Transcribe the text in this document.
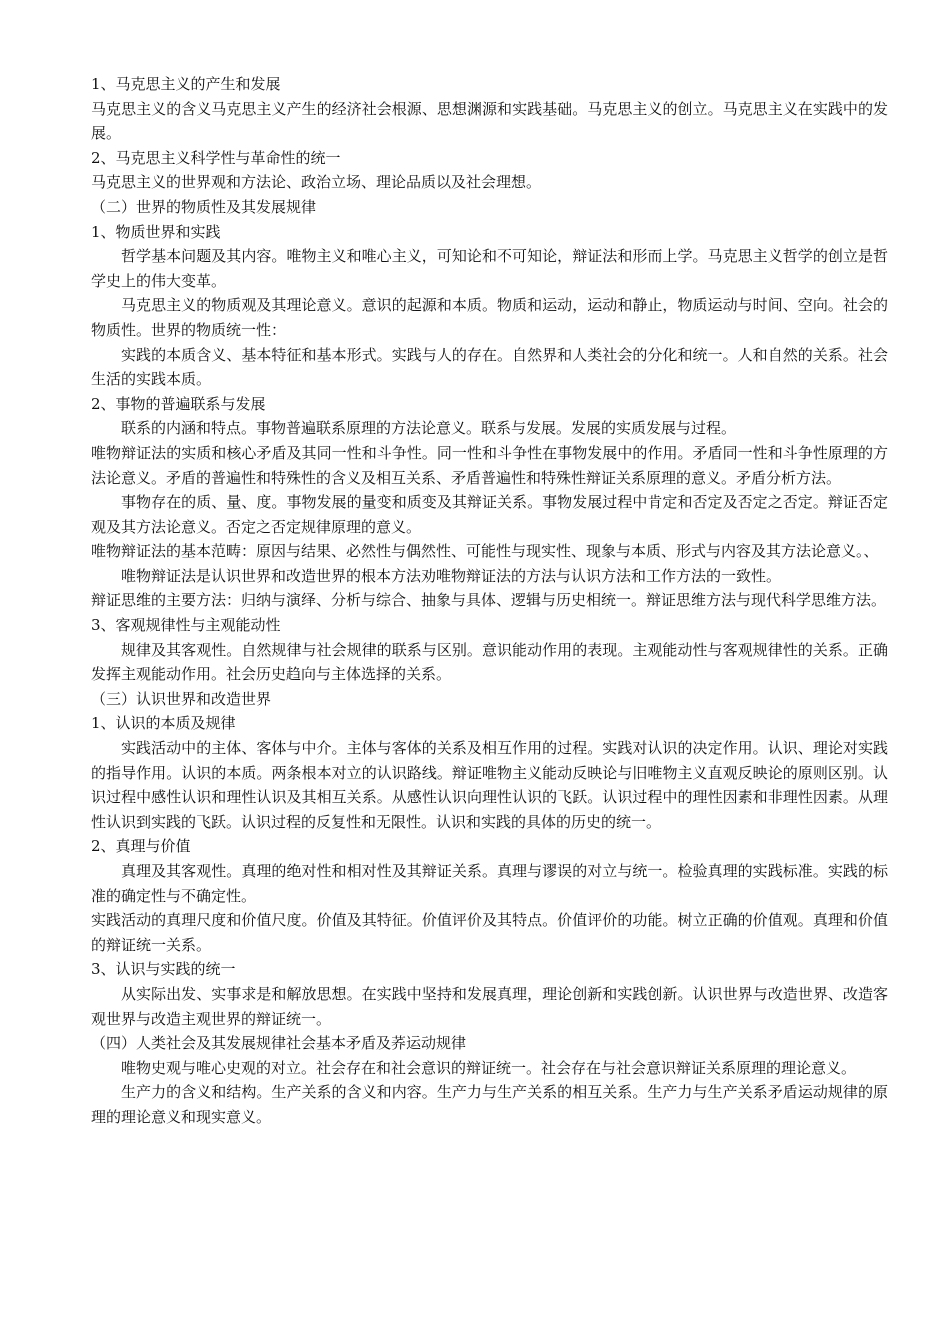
1、马克思主义的产生和发展

马克思主义的含义马克思主义产生的经济社会根源、思想渊源和实践基础。马克思主义的创立。马克思主义在实践中的发展。

2、马克思主义科学性与革命性的统一

马克思主义的世界观和方法论、政治立场、理论品质以及社会理想。

（二）世界的物质性及其发展规律

1、物质世界和实践

哲学基本问题及其内容。唯物主义和唯心主义，可知论和不可知论，辩证法和形而上学。马克思主义哲学的创立是哲学史上的伟大变革。

马克思主义的物质观及其理论意义。意识的起源和本质。物质和运动，运动和静止，物质运动与时间、空向。社会的物质性。世界的物质统一性：

实践的本质含义、基本特征和基本形式。实践与人的存在。自然界和人类社会的分化和统一。人和自然的关系。社会生活的实践本质。

2、事物的普遍联系与发展

联系的内涵和特点。事物普遍联系原理的方法论意义。联系与发展。发展的实质发展与过程。

唯物辩证法的实质和核心矛盾及其同一性和斗争性。同一性和斗争性在事物发展中的作用。矛盾同一性和斗争性原理的方法论意义。矛盾的普遍性和特殊性的含义及相互关系、矛盾普遍性和特殊性辩证关系原理的意义。矛盾分析方法。

事物存在的质、量、度。事物发展的量变和质变及其辩证关系。事物发展过程中肯定和否定及否定之否定。辩证否定观及其方法论意义。否定之否定规律原理的意义。

唯物辩证法的基本范畴：原因与结果、必然性与偶然性、可能性与现实性、现象与本质、形式与内容及其方法论意义。、

唯物辩证法是认识世界和改造世界的根本方法劝唯物辩证法的方法与认识方法和工作方法的一致性。

辩证思维的主要方法：归纳与演绎、分析与综合、抽象与具体、逻辑与历史相统一。辩证思维方法与现代科学思维方法。

3、客观规律性与主观能动性

规律及其客观性。自然规律与社会规律的联系与区别。意识能动作用的表现。主观能动性与客观规律性的关系。正确发挥主观能动作用。社会历史趋向与主体选择的关系。

（三）认识世界和改造世界

1、认识的本质及规律

实践活动中的主体、客体与中介。主体与客体的关系及相互作用的过程。实践对认识的决定作用。认识、理论对实践的指导作用。认识的本质。两条根本对立的认识路线。辩证唯物主义能动反映论与旧唯物主义直观反映论的原则区别。认识过程中感性认识和理性认识及其相互关系。从感性认识向理性认识的飞跃。认识过程中的理性因素和非理性因素。从理性认识到实践的飞跃。认识过程的反复性和无限性。认识和实践的具体的历史的统一。

2、真理与价值

真理及其客观性。真理的绝对性和相对性及其辩证关系。真理与谬误的对立与统一。检验真理的实践标准。实践的标准的确定性与不确定性。

实践活动的真理尺度和价值尺度。价值及其特征。价值评价及其特点。价值评价的功能。树立正确的价值观。真理和价值的辩证统一关系。

3、认识与实践的统一

从实际出发、实事求是和解放思想。在实践中坚持和发展真理，理论创新和实践创新。认识世界与改造世界、改造客观世界与改造主观世界的辩证统一。

（四）人类社会及其发展规律社会基本矛盾及荞运动规律

唯物史观与唯心史观的对立。社会存在和社会意识的辩证统一。社会存在与社会意识辩证关系原理的理论意义。

生产力的含义和结构。生产关系的含义和内容。生产力与生产关系的相互关系。生产力与生产关系矛盾运动规律的原理的理论意义和现实意义。
